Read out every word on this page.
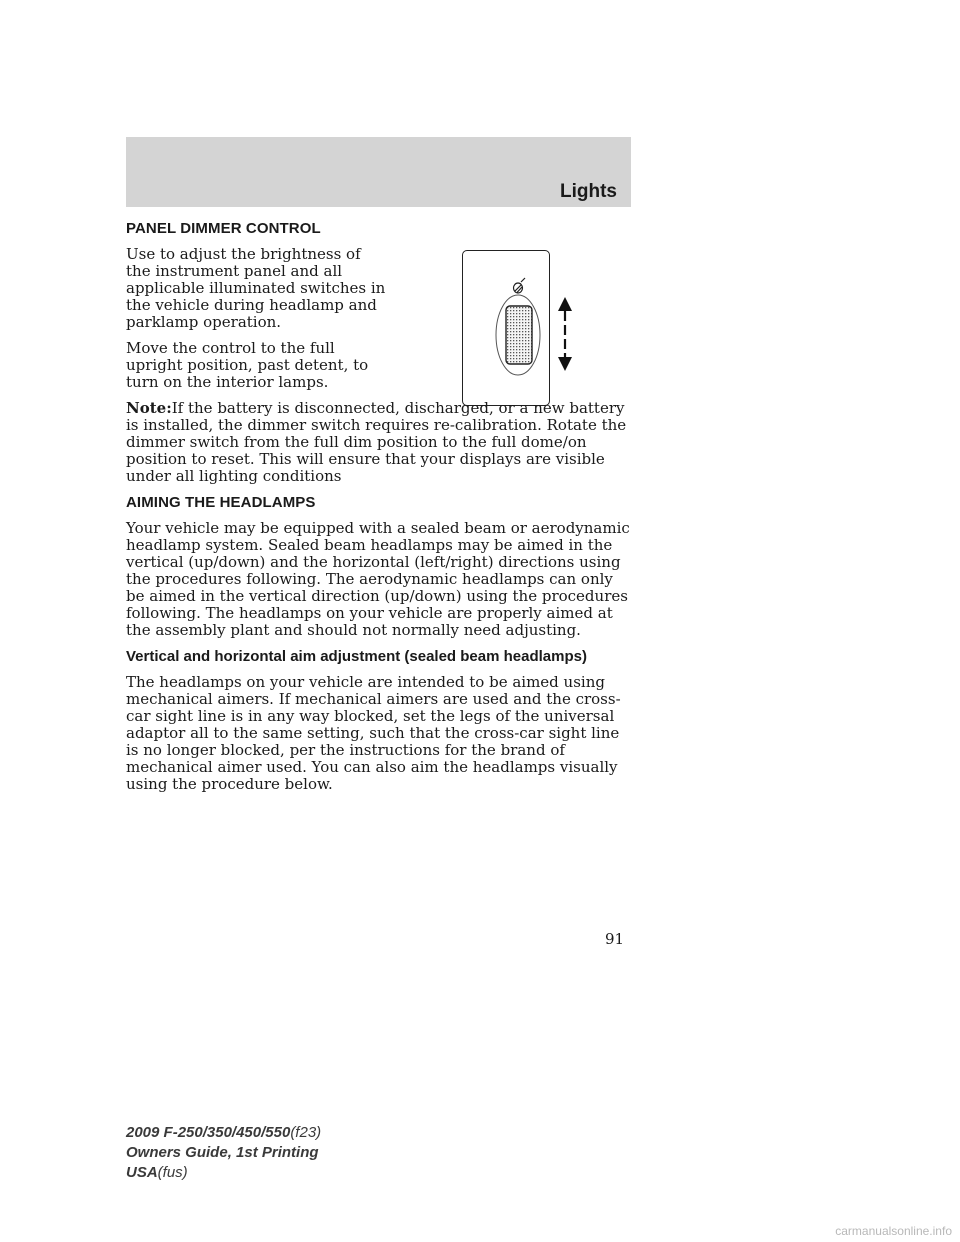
Lights
PANEL DIMMER CONTROL

Use to adjust the brightness of the instrument panel and all applicable illuminated switches in the vehicle during headlamp and parklamp operation.

Move the control to the full upright position, past detent, to turn on the interior lamps.

Note:If the battery is disconnected, discharged, or a new battery is installed, the dimmer switch requires re-calibration. Rotate the dimmer switch from the full dim position to the full dome/on position to reset. This will ensure that your displays are visible under all lighting conditions

AIMING THE HEADLAMPS

Your vehicle may be equipped with a sealed beam or aerodynamic headlamp system. Sealed beam headlamps may be aimed in the vertical (up/down) and the horizontal (left/right) directions using the procedures following. The aerodynamic headlamps can only be aimed in the vertical direction (up/down) using the procedures following. The headlamps on your vehicle are properly aimed at the assembly plant and should not normally need adjusting.

Vertical and horizontal aim adjustment (sealed beam headlamps)

The headlamps on your vehicle are intended to be aimed using mechanical aimers. If mechanical aimers are used and the cross-car sight line is in any way blocked, set the legs of the universal adaptor all to the same setting, such that the cross-car sight line is no longer blocked, per the instructions for the brand of mechanical aimer used. You can also aim the headlamps visually using the procedure below.

91
2009 F-250/350/450/550(f23)
Owners Guide, 1st Printing
USA(fus)
carmanualsonline.info
